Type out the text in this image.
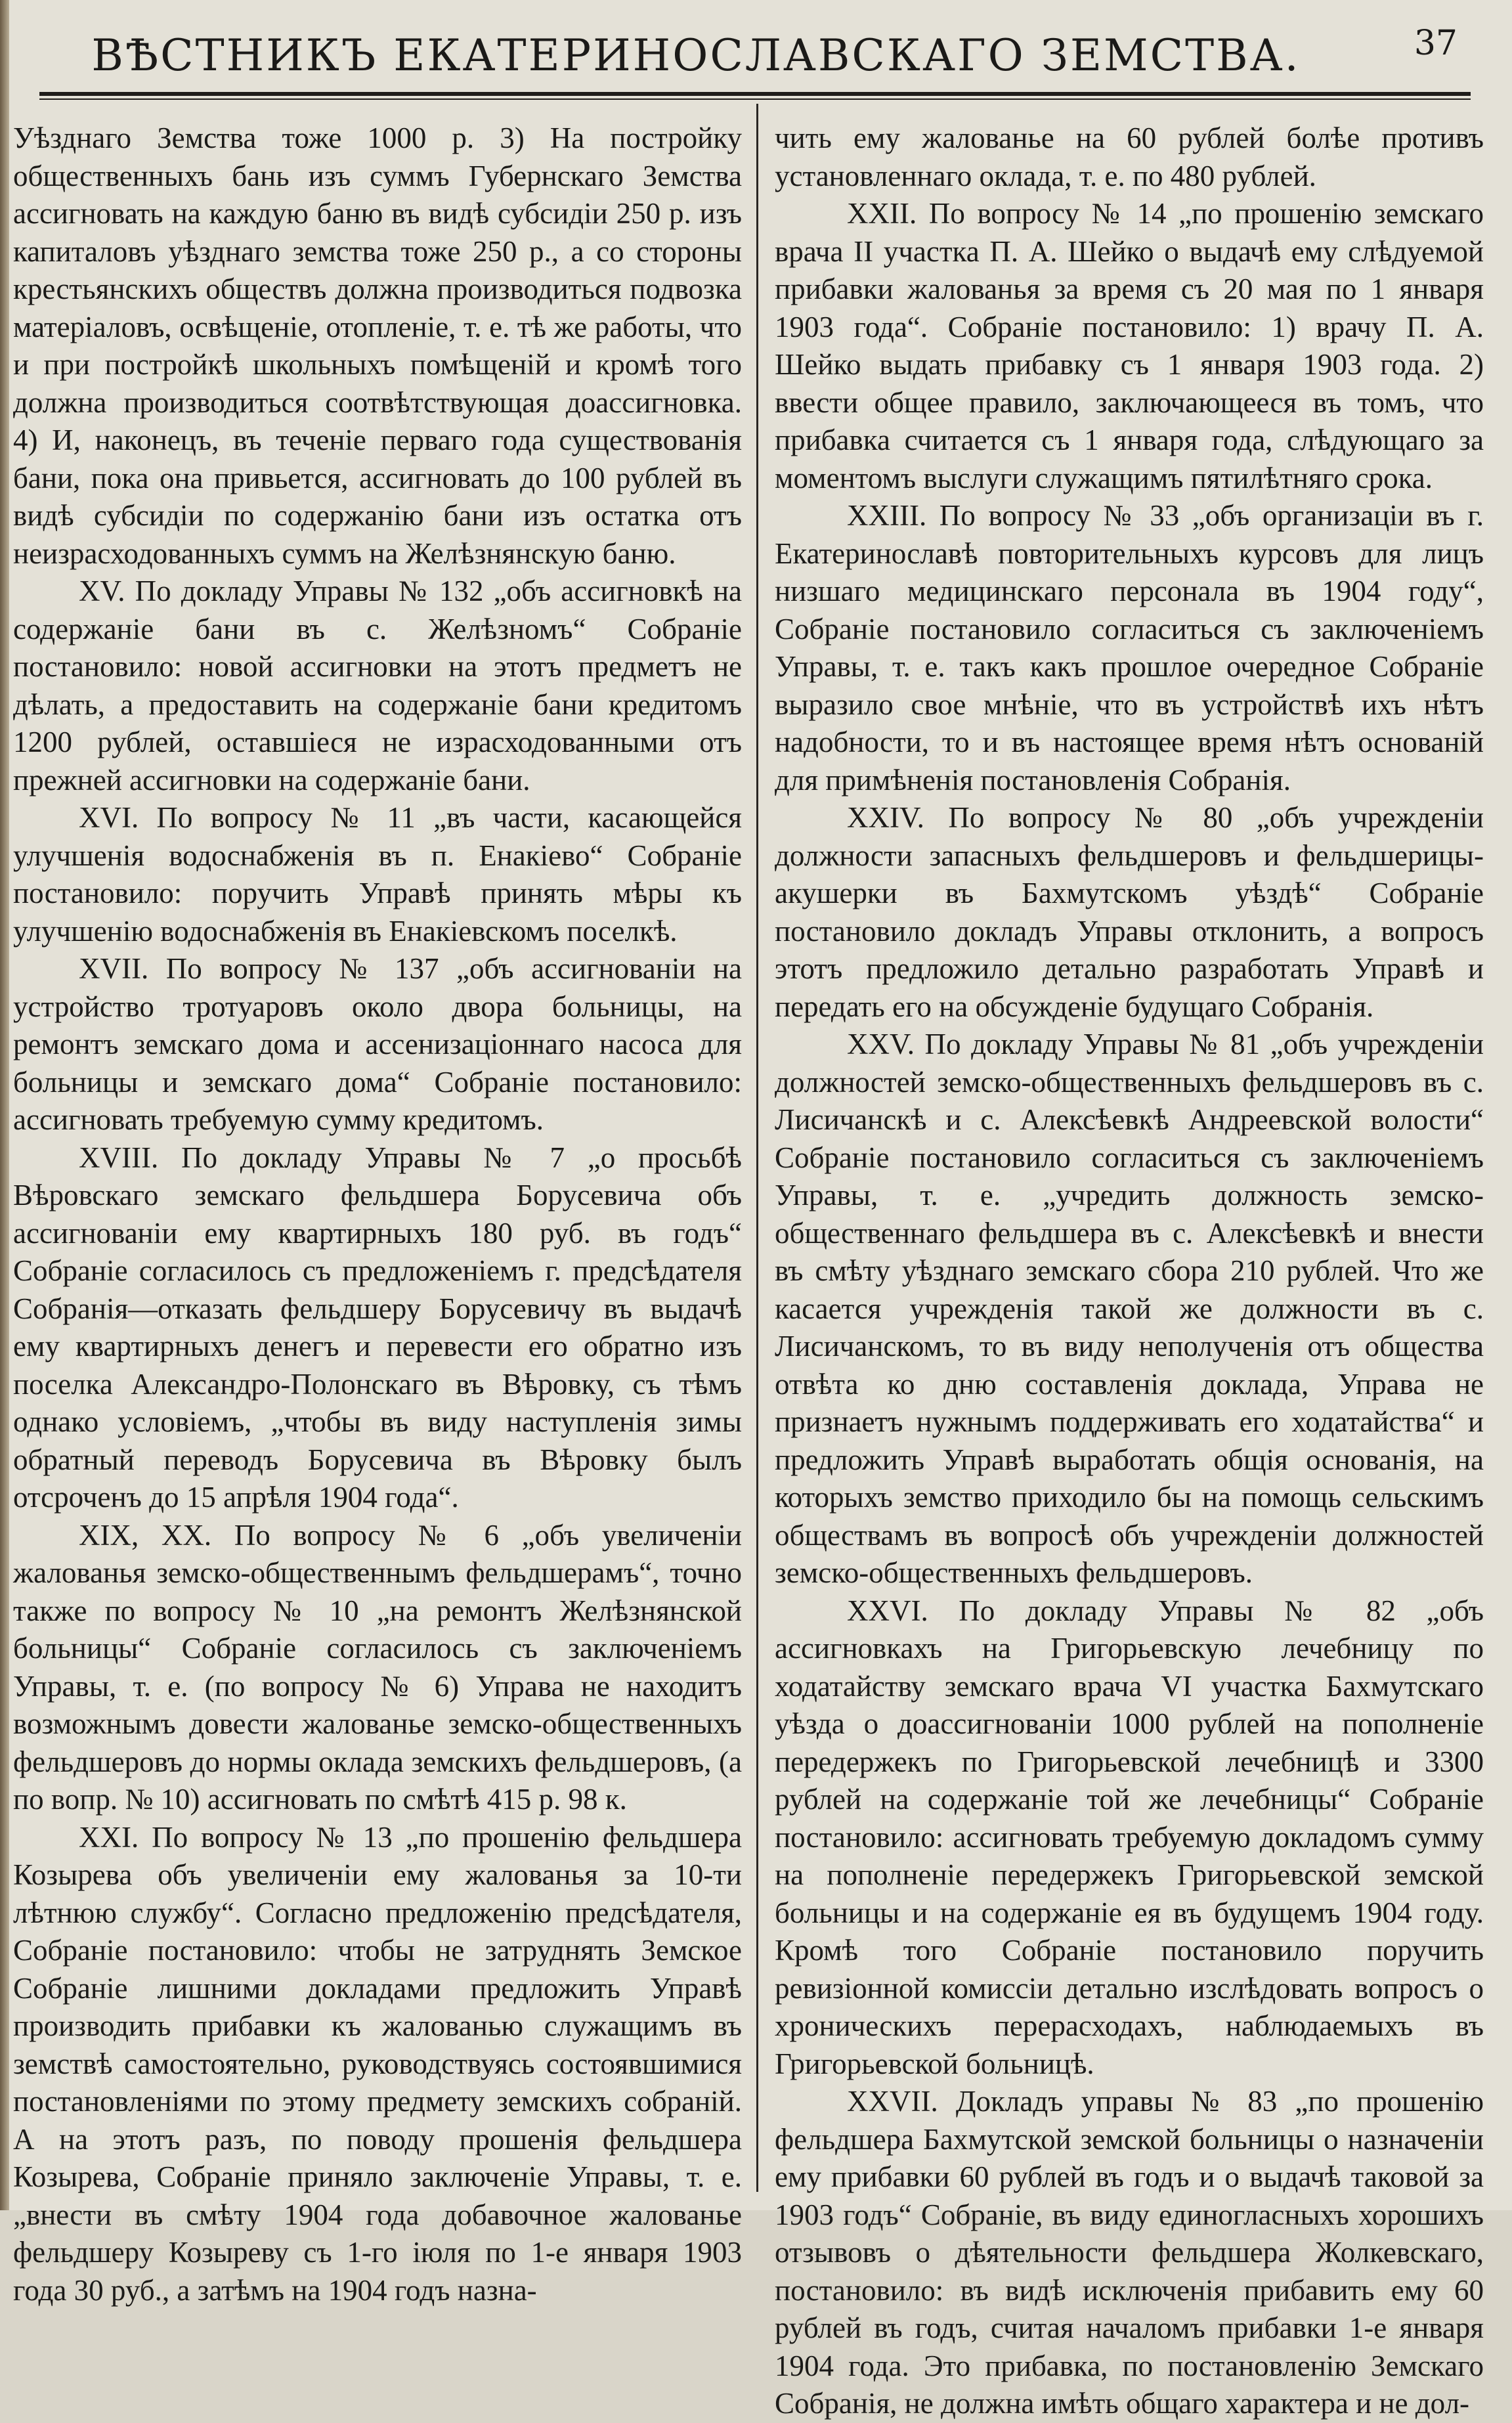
ВѢСТНИКЪ ЕКАТЕРИНОСЛАВСКАГО ЗЕМСТВА.	37

Уѣзднаго Земства тоже 1000 р. 3) На постройку общественныхъ бань изъ суммъ Губернскаго Земства ассигновать на каждую баню въ видѣ субсидіи 250 р. изъ капиталовъ уѣзднаго земства тоже 250 р., а со стороны крестьянскихъ обществъ должна производиться подвозка матеріаловъ, освѣщеніе, отопленіе, т. е. тѣ же работы, что и при постройкѣ школьныхъ помѣщеній и кромѣ того должна производиться соотвѣтствующая доассигновка. 4) И, наконецъ, въ теченіе перваго года существованія бани, пока она привьется, ассигновать до 100 рублей въ видѣ субсидіи по содержанію бани изъ остатка отъ неизрасходованныхъ суммъ на Желѣзнянскую баню.

XV. По докладу Управы № 132 „объ ассигновкѣ на содержаніе бани въ с. Желѣзномъ“ Собраніе постановило: новой ассигновки на этотъ предметъ не дѣлать, а предоставить на содержаніе бани кредитомъ 1200 рублей, оставшіеся не израсходованными отъ прежней ассигновки на содержаніе бани.

XVI. По вопросу № 11 „въ части, касающейся улучшенія водоснабженія въ п. Енакіево“ Собраніе постановило: поручить Управѣ принять мѣры къ улучшенію водоснабженія въ Енакіевскомъ поселкѣ.

XVII. По вопросу № 137 „объ ассигнованіи на устройство тротуаровъ около двора больницы, на ремонтъ земскаго дома и ассенизаціоннаго насоса для больницы и земскаго дома“ Собраніе постановило: ассигновать требуемую сумму кредитомъ.

XVIII. По докладу Управы № 7 „о просьбѣ Вѣровскаго земскаго фельдшера Борусевича объ ассигнованіи ему квартирныхъ 180 руб. въ годъ“ Собраніе согласилось съ предложеніемъ г. предсѣдателя Собранія—отказать фельдшеру Борусевичу въ выдачѣ ему квартирныхъ денегъ и перевести его обратно изъ поселка Александро-Полонскаго въ Вѣровку, съ тѣмъ однако условіемъ, „чтобы въ виду наступленія зимы обратный переводъ Борусевича въ Вѣровку былъ отсроченъ до 15 апрѣля 1904 года“.

XIX, XX. По вопросу № 6 „объ увеличеніи жалованья земско-общественнымъ фельдшерамъ“, точно также по вопросу № 10 „на ремонтъ Желѣзнянской больницы“ Собраніе согласилось съ заключеніемъ Управы, т. е. (по вопросу № 6) Управа не находитъ возможнымъ довести жалованье земско-общественныхъ фельдшеровъ до нормы оклада земскихъ фельдшеровъ, (а по вопр. № 10) ассигновать по смѣтѣ 415 р. 98 к.

XXI. По вопросу № 13 „по прошенію фельдшера Козырева объ увеличеніи ему жалованья за 10-ти лѣтнюю службу“. Согласно предложенію предсѣдателя, Собраніе постановило: чтобы не затруднять Земское Собраніе лишними докладами предложить Управѣ производить прибавки къ жалованью служащимъ въ земствѣ самостоятельно, руководствуясь состоявшимися постановленіями по этому предмету земскихъ собраній. А на этотъ разъ, по поводу прошенія фельдшера Козырева, Собраніе приняло заключеніе Управы, т. е. „внести въ смѣту 1904 года добавочное жалованье фельдшеру Козыреву съ 1-го іюля по 1-е января 1903 года 30 руб., а затѣмъ на 1904 годъ назна-

чить ему жалованье на 60 рублей болѣе противъ установленнаго оклада, т. е. по 480 рублей.

XXII. По вопросу № 14 „по прошенію земскаго врача II участка П. А. Шейко о выдачѣ ему слѣдуемой прибавки жалованья за время съ 20 мая по 1 января 1903 года“. Собраніе постановило: 1) врачу П. А. Шейко выдать прибавку съ 1 января 1903 года. 2) ввести общее правило, заключающееся въ томъ, что прибавка считается съ 1 января года, слѣдующаго за моментомъ выслуги служащимъ пятилѣтняго срока.

XXIII. По вопросу № 33 „объ организаціи въ г. Екатеринославѣ повторительныхъ курсовъ для лицъ низшаго медицинскаго персонала въ 1904 году“, Собраніе постановило согласиться съ заключеніемъ Управы, т. е. такъ какъ прошлое очередное Собраніе выразило свое мнѣніе, что въ устройствѣ ихъ нѣтъ надобности, то и въ настоящее время нѣтъ основаній для примѣненія постановленія Собранія.

XXIV. По вопросу № 80 „объ учрежденіи должности запасныхъ фельдшеровъ и фельдшерицы-акушерки въ Бахмутскомъ уѣздѣ“ Собраніе постановило докладъ Управы отклонить, а вопросъ этотъ предложило детально разработать Управѣ и передать его на обсужденіе будущаго Собранія.

XXV. По докладу Управы № 81 „объ учрежденіи должностей земско-общественныхъ фельдшеровъ въ с. Лисичанскѣ и с. Алексѣевкѣ Андреевской волости“ Собраніе постановило согласиться съ заключеніемъ Управы, т. е. „учредить должность земско-общественнаго фельдшера въ с. Алексѣевкѣ и внести въ смѣту уѣзднаго земскаго сбора 210 рублей. Что же касается учрежденія такой же должности въ с. Лисичанскомъ, то въ виду неполученія отъ общества отвѣта ко дню составленія доклада, Управа не признаетъ нужнымъ поддерживать его ходатайства“ и предложить Управѣ выработать общія основанія, на которыхъ земство приходило бы на помощь сельскимъ обществамъ въ вопросѣ объ учрежденіи должностей земско-общественныхъ фельдшеровъ.

XXVI. По докладу Управы № 82 „объ ассигновкахъ на Григорьевскую лечебницу по ходатайству земскаго врача VI участка Бахмутскаго уѣзда о доассигнованіи 1000 рублей на пополненіе передержекъ по Григорьевской лечебницѣ и 3300 рублей на содержаніе той же лечебницы“ Собраніе постановило: ассигновать требуемую докладомъ сумму на пополненіе передержекъ Григорьевской земской больницы и на содержаніе ея въ будущемъ 1904 году. Кромѣ того Собраніе постановило поручить ревизіонной комиссіи детально изслѣдовать вопросъ о хроническихъ перерасходахъ, наблюдаемыхъ въ Григорьевской больницѣ.

XXVII. Докладъ управы № 83 „по прошенію фельдшера Бахмутской земской больницы о назначеніи ему прибавки 60 рублей въ годъ и о выдачѣ таковой за 1903 годъ“ Собраніе, въ виду единогласныхъ хорошихъ отзывовъ о дѣятельности фельдшера Жолкевскаго, постановило: въ видѣ исключенія прибавить ему 60 рублей въ годъ, считая началомъ прибавки 1-е января 1904 года. Это прибавка, по постановленію Земскаго Собранія, не должна имѣть общаго характера и не дол-
